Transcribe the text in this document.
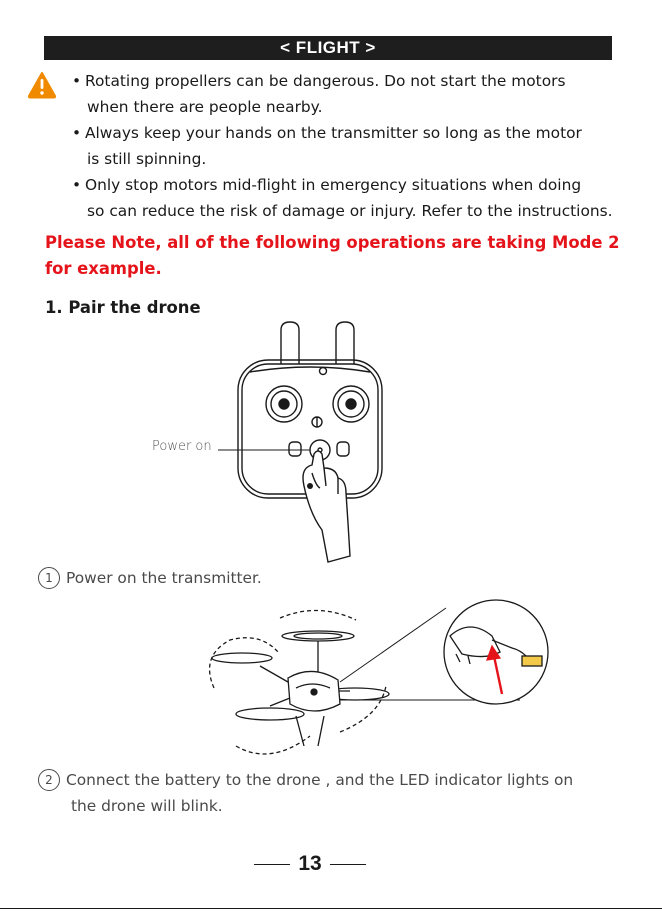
< FLIGHT >
• Rotating propellers can be dangerous. Do not start the motors
when there are people nearby.
• Always keep your hands on the transmitter so long as the motor
is still spinning.
• Only stop motors mid-flight in emergency situations when doing
so can reduce the risk of damage or injury. Refer to the instructions.

Please Note, all of the following operations are taking Mode 2
for example.

1. Pair the drone
Power on

1 Power on the transmitter.

2 Connect the battery to the drone , and the LED indicator lights on
the drone will blink.

13
